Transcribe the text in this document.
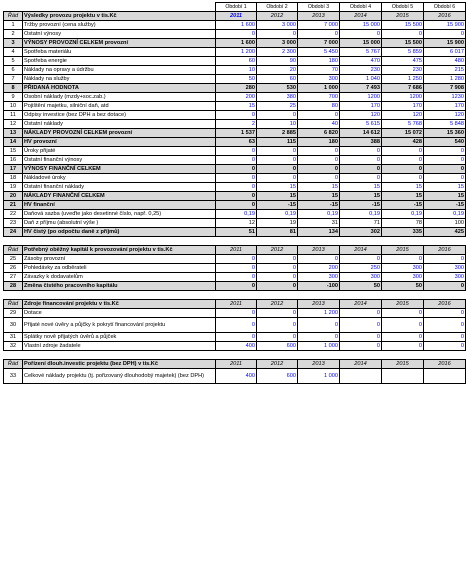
		Období 1	Období 2	Období 3	Období 4	Období 5	Období 6
Řád	Výsledky provozu projektu v tis.Kč	2011	2012	2013	2014	2015	2016
1	Tržby provozní (cena služby)	1 600	3 000	7 000	15 000	15 500	15 900
2	Ostatní výnosy	0	0	0	0	0	0
3	VÝNOSY PROVOZNÍ CELKEM provozní	1 600	3 000	7 000	15 000	15 500	15 900
4	Spotřeba materiálu	1 200	2 300	5 450	5 767	5 859	6 017
5	Spotřeba energie	60	90	180	470	475	480
6	Náklady na opravy a údržbu	10	20	70	230	230	215
7	Náklady na služby	50	60	300	1 040	1 250	1 280
8	PŘIDANÁ HODNOTA	280	530	1 000	7 493	7 686	7 908
9	Osobní náklady (mzdy+soc.zab.)	200	380	700	1200	1200	1230
10	Pojištění majetku, silniční daň, atd	15	25	80	170	170	170
11	Odpisy investice (bez DPH a bez dotace)	0	0	0	120	120	120
12	Ostatní náklady	2	10	40	5 615	5 768	5 848
13	NÁKLADY PROVOZNÍ CELKEM provozní	1 537	2 885	6 820	14 612	15 072	15 360
14	HV provozní	63	115	180	388	428	540
15	Úroky přijaté	0	0	0	0	0	0
16	Ostatní finanční výnosy	0	0	0	0	0	0
17	VÝNOSY FINANČNÍ CELKEM	0	0	0	0	0	0
18	Nákladové úroky	0	0	0	0	0	0
19	Ostatní finanční náklady	0	15	15	15	15	15
20	NÁKLADY FINANČNÍ CELKEM	0	15	15	15	15	15
21	HV finanční	0	-15	-15	-15	-15	-15
22	Daňová sazba (uveďte jako desetinné číslo, např. 0,25)	0,19	0,19	0,19	0,19	0,19	0,19
23	Daň z příjmu (absolutní výše )	12	19	31	71	78	100
24	HV čistý (po odpočtu daně z příjmů)	51	81	134	302	335	425
Řád	Potřebný oběžný kapitál k provozování projektu v tis.Kč	2011	2012	2013	2014	2015	2016
25	Zásoby provozní	0	0	0	0	0	0
26	Pohledávky za odběrateli	0	0	200	250	300	300
27	Závazky k dodavatelům	0	0	300	300	300	300
28	Změna čistého pracovního kapitálu	0	0	-100	50	50	0
Řád	Zdroje financování projektu v tis.Kč	2011	2012	2013	2014	2015	2016
29	Dotace	0	0	1 200	0	0	0
30	Přijaté nové úvěry a půjčky k pokrytí financování projektu	0	0	0	0	0	0
31	Splátky nově přijatých úvěrů a půjček	0	0	0	0	0	0
32	Vlastní zdroje žadatele	400	600	1 000	0	0	0
Řád	Pořízení dlouh.investic projektu (bez DPH) v tis.Kč	2011	2012	2013	2014	2015	2016
33	Celkové náklady projektu (tj. pořizovaný dlouhodobý majetek) (bez DPH)	400	600	1 000			
